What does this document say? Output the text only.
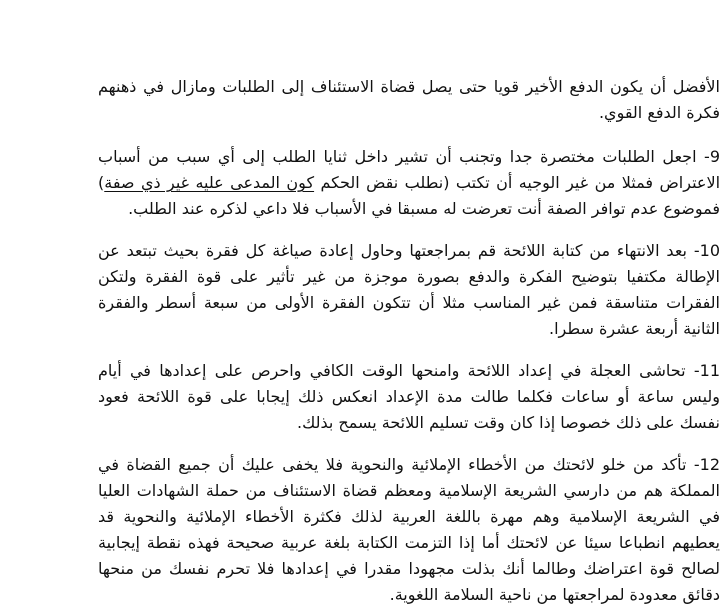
الأفضل أن يكون الدفع الأخير قويا حتى يصل قضاة الاستئناف إلى الطلبات ومازال في ذهنهم فكرة الدفع القوي.

9- اجعل الطلبات مختصرة جدا وتجنب أن تشير داخل ثنايا الطلب إلى أي سبب من أسباب الاعتراض فمثلا من غير الوجيه أن تكتب (نطلب نقض الحكم كون المدعى عليه غير ذي صفة) فموضوع عدم توافر الصفة أنت تعرضت له مسبقا في الأسباب فلا داعي لذكره عند الطلب.

10- بعد الانتهاء من كتابة اللائحة قم بمراجعتها وحاول إعادة صياغة كل فقرة بحيث تبتعد عن الإطالة مكتفيا بتوضيح الفكرة والدفع بصورة موجزة من غير تأثير على قوة الفقرة ولتكن الفقرات متناسقة فمن غير المناسب مثلا أن تتكون الفقرة الأولى من سبعة أسطر والفقرة الثانية أربعة عشرة سطرا.

11- تحاشى العجلة في إعداد اللائحة وامنحها الوقت الكافي واحرص على إعدادها في أيام وليس ساعة أو ساعات فكلما طالت مدة الإعداد انعكس ذلك إيجابا على قوة اللائحة فعود نفسك على ذلك خصوصا إذا كان وقت تسليم اللائحة يسمح بذلك.

12- تأكد من خلو لائحتك من الأخطاء الإملائية والنحوية فلا يخفى عليك أن جميع القضاة في المملكة هم من دارسي الشريعة الإسلامية ومعظم قضاة الاستئناف من حملة الشهادات العليا في الشريعة الإسلامية وهم مهرة باللغة العربية لذلك فكثرة الأخطاء الإملائية والنحوية قد يعطيهم انطباعا سيئا عن لائحتك أما إذا التزمت الكتابة بلغة عربية صحيحة فهذه نقطة إيجابية لصالح قوة اعتراضك وطالما أنك بذلت مجهودا مقدرا في إعدادها فلا تحرم نفسك من منحها دقائق معدودة لمراجعتها من ناحية السلامة اللغوية.
